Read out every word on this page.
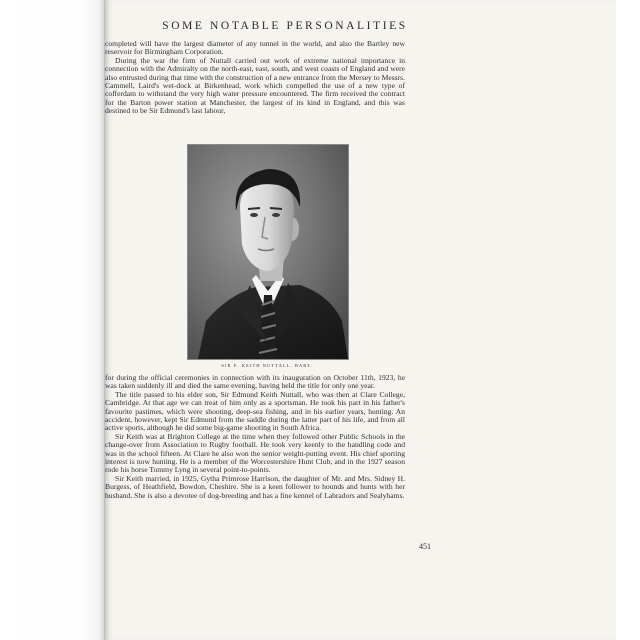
SOME NOTABLE PERSONALITIES

completed will have the largest diameter of any tunnel in the world, and also the Bartley new reservoir for Birmingham Corporation.

During the war the firm of Nuttall carried out work of extreme national importance in connection with the Admiralty on the north-east, east, south, and west coasts of England and were also entrusted during that time with the construction of a new entrance from the Mersey to Messrs. Cammell, Laird's wet-dock at Birkenhead, work which compelled the use of a new type of cofferdam to withstand the very high water pressure encountered. The firm received the contract for the Barton power station at Manchester, the largest of its kind in England, and this was destined to be Sir Edmund's last labour,

SIR E. KEITH NUTTALL, BART.

for during the official ceremonies in connection with its inauguration on October 11th, 1923, he was taken suddenly ill and died the same evening, having held the title for only one year.

The title passed to his elder son, Sir Edmund Keith Nuttall, who was then at Clare College, Cambridge. At that age we can treat of him only as a sportsman. He took his part in his father's favourite pastimes, which were shooting, deep-sea fishing, and in his earlier years, hunting. An accident, however, kept Sir Edmund from the saddle during the latter part of his life, and from all active sports, although he did some big-game shooting in South Africa.

Sir Keith was at Brighton College at the time when they followed other Public Schools in the change-over from Association to Rugby football. He took very keenly to the handling code and was in the school fifteen. At Clare he also won the senior weight-putting event. His chief sporting interest is now hunting. He is a member of the Worcestershire Hunt Club, and in the 1927 season rode his horse Tommy Lyng in several point-to-points.

Sir Keith married, in 1925, Gytha Primrose Harrison, the daughter of Mr. and Mrs. Sidney H. Burgess, of Heathfield, Bowdon, Cheshire. She is a keen follower to hounds and hunts with her husband. She is also a devotee of dog-breeding and has a fine kennel of Labradors and Sealyhams.

451
